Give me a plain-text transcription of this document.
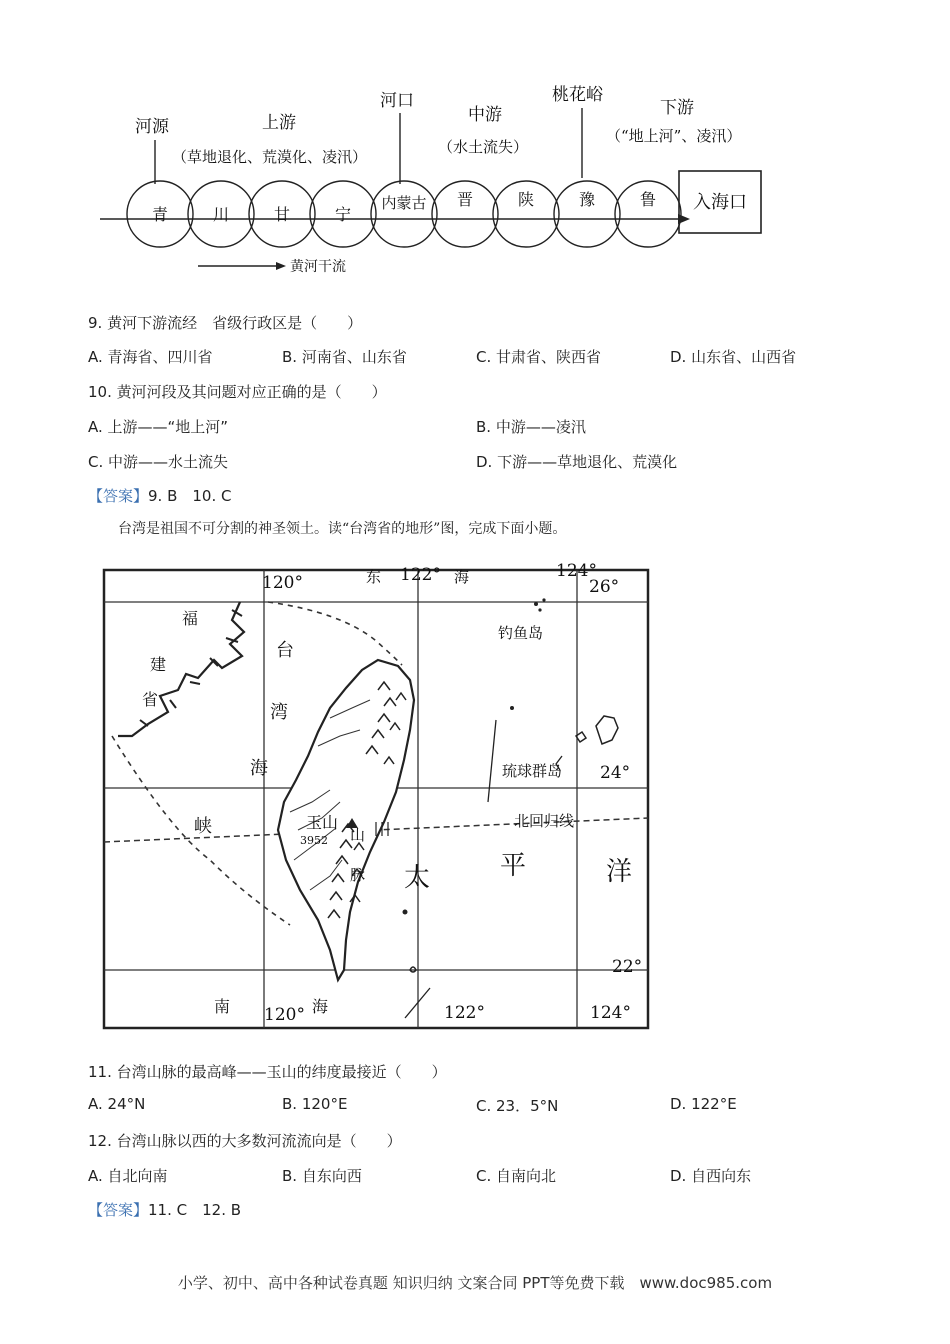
河源	上游
（草地退化、荒漠化、凌汛）
河口
中游
（水土流失）
桃花峪
下游
（“地上河”、凌汛）
青	川	甘	宁
内蒙古 晋	陕	豫	鲁 入海口
黄河干流
9. 黄河下游流经　省级行政区是（　　）
A. 青海省、四川省	B. 河南省、山东省	C. 甘肃省、陕西省	D. 山东省、山西省
10. 黄河河段及其问题对应正确的是（　　）
A. 上游——“地上河”	B. 中游——凌汛
C. 中游——水土流失	D. 下游——草地退化、荒漠化
【答案】9. B　10. C
台湾是祖国不可分割的神圣领土。读“台湾省的地形”图，完成下面小题。
120°	122°	124°
26°
24°
22°
120°	122°	124°
东	海
福
建
省
台
湾
海
峡
钓鱼岛
琉球群岛
北回归线
太	平	洋
南	海
玉山
3952 山
脉
11. 台湾山脉的最高峰——玉山的纬度最接近（　　）
A. 24°N	B. 120°E	C. 23．5°N	D. 122°E
12. 台湾山脉以西的大多数河流流向是（　　）
A. 自北向南	B. 自东向西	C. 自南向北	D. 自西向东
【答案】11. C　12. B
小学、初中、高中各种试卷真题 知识归纳 文案合同 PPT等免费下载　www.doc985.com
